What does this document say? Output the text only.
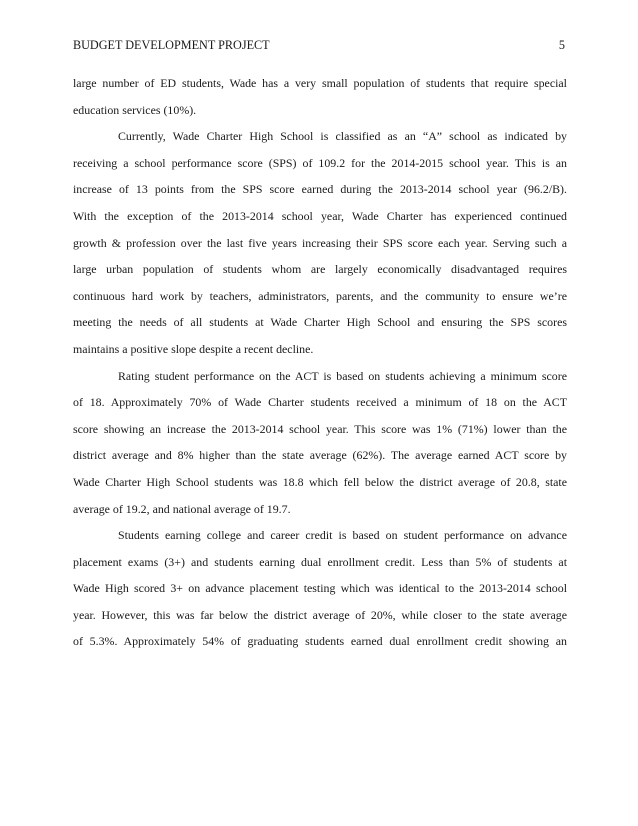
BUDGET DEVELOPMENT PROJECT	5
large number of ED students, Wade has a very small population of students that require special
education services (10%).
Currently, Wade Charter High School is classified as an “A” school as indicated by
receiving a school performance score (SPS) of 109.2 for the 2014-2015 school year. This is an
increase of 13 points from the SPS score earned during the 2013-2014 school year (96.2/B).
With the exception of the 2013-2014 school year, Wade Charter has experienced continued
growth & profession over the last five years increasing their SPS score each year. Serving such a
large urban population of students whom are largely economically disadvantaged requires
continuous hard work by teachers, administrators, parents, and the community to ensure we’re
meeting the needs of all students at Wade Charter High School and ensuring the SPS scores
maintains a positive slope despite a recent decline.
Rating student performance on the ACT is based on students achieving a minimum score
of 18. Approximately 70% of Wade Charter students received a minimum of 18 on the ACT
score showing an increase the 2013-2014 school year. This score was 1% (71%) lower than the
district average and 8% higher than the state average (62%). The average earned ACT score by
Wade Charter High School students was 18.8 which fell below the district average of 20.8, state
average of 19.2, and national average of 19.7.
Students earning college and career credit is based on student performance on advance
placement exams (3+) and students earning dual enrollment credit. Less than 5% of students at
Wade High scored 3+ on advance placement testing which was identical to the 2013-2014 school
year. However, this was far below the district average of 20%, while closer to the state average
of 5.3%. Approximately 54% of graduating students earned dual enrollment credit showing an
